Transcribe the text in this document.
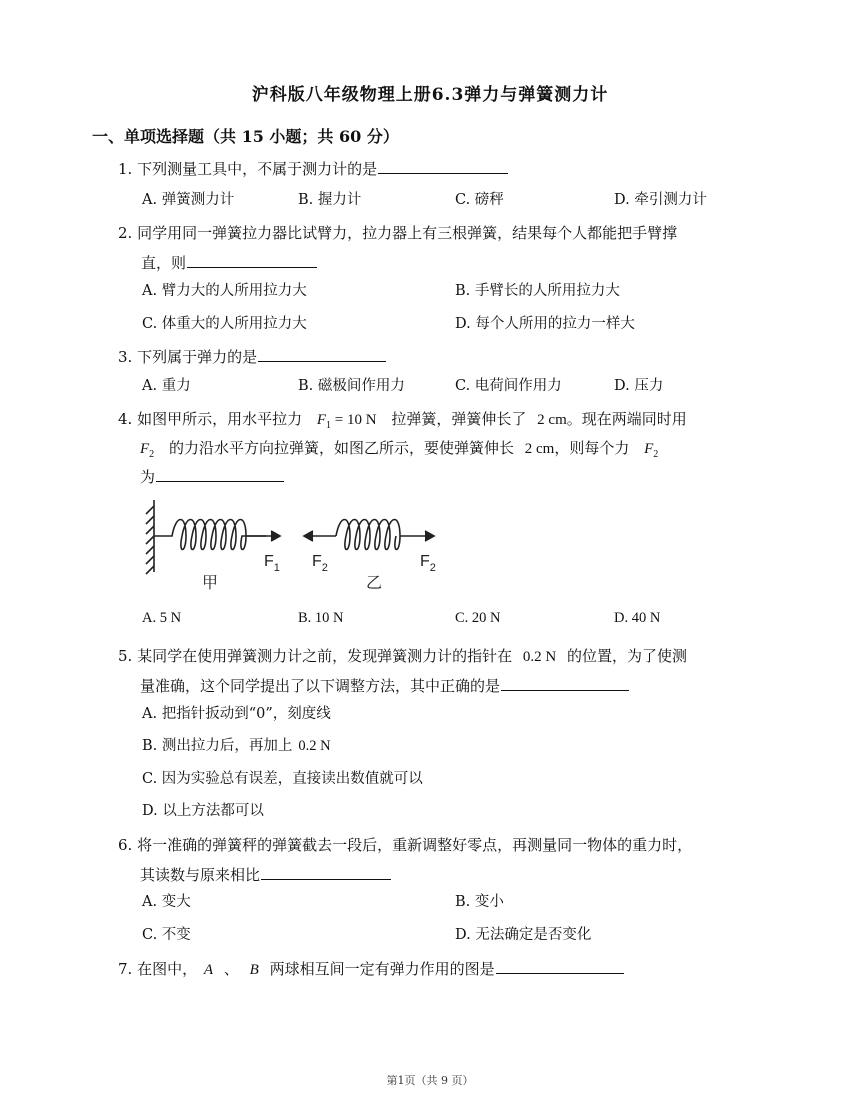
沪科版八年级物理上册6.3弹力与弹簧测力计
一、单项选择题（共 15 小题；共 60 分）
1. 下列测量工具中，不属于测力计的是
A. 弹簧测力计	B. 握力计	C. 磅秤	D. 牵引测力计
2. 同学用同一弹簧拉力器比试臂力，拉力器上有三根弹簧，结果每个人都能把手臂撑
直，则
A. 臂力大的人所用拉力大	B. 手臂长的人所用拉力大
C. 体重大的人所用拉力大	D. 每个人所用的拉力一样大
3. 下列属于弹力的是
A. 重力	B. 磁极间作用力	C. 电荷间作用力	D. 压力
4. 如图甲所示，用水平拉力 $F_1 = 10$ N 拉弹簧，弹簧伸长了 2 cm。现在两端同时用
$F_2$ 的力沿水平方向拉弹簧，如图乙所示，要使弹簧伸长 2 cm，则每个力 $F_2$
为
$F_1$ $F_2$	$F_2$
甲	乙
A. 5 N	B. 10 N	C. 20 N	D. 40 N
5. 某同学在使用弹簧测力计之前，发现弹簧测力计的指针在 0.2 N 的位置，为了使测
量准确，这个同学提出了以下调整方法，其中正确的是
A. 把指针扳动到“0”，刻度线
B. 测出拉力后，再加上 0.2 N
C. 因为实验总有误差，直接读出数值就可以
D. 以上方法都可以
6. 将一准确的弹簧秤的弹簧截去一段后，重新调整好零点，再测量同一物体的重力时，
其读数与原来相比
A. 变大	B. 变小
C. 不变	D. 无法确定是否变化
7. 在图中， A 、 B 两球相互间一定有弹力作用的图是
第1页（共 9 页）
